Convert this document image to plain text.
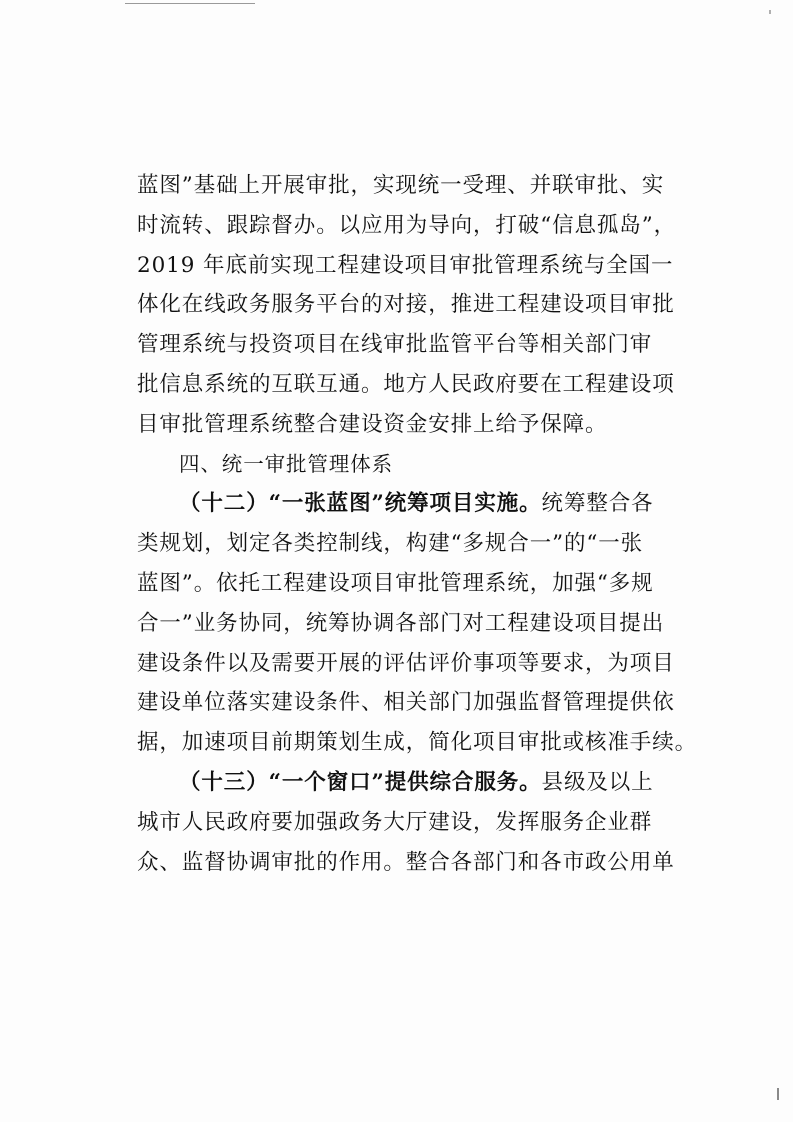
蓝图”基础上开展审批，实现统一受理、并联审批、实
时流转、跟踪督办。以应用为导向，打破“信息孤岛”，
2019 年底前实现工程建设项目审批管理系统与全国一
体化在线政务服务平台的对接，推进工程建设项目审批
管理系统与投资项目在线审批监管平台等相关部门审
批信息系统的互联互通。地方人民政府要在工程建设项
目审批管理系统整合建设资金安排上给予保障。
四、统一审批管理体系
（十二）“一张蓝图”统筹项目实施。统筹整合各
类规划，划定各类控制线，构建“多规合一”的“一张
蓝图”。依托工程建设项目审批管理系统，加强“多规
合一”业务协同，统筹协调各部门对工程建设项目提出
建设条件以及需要开展的评估评价事项等要求，为项目
建设单位落实建设条件、相关部门加强监督管理提供依
据，加速项目前期策划生成，简化项目审批或核准手续。
（十三）“一个窗口”提供综合服务。县级及以上
城市人民政府要加强政务大厅建设，发挥服务企业群
众、监督协调审批的作用。整合各部门和各市政公用单
